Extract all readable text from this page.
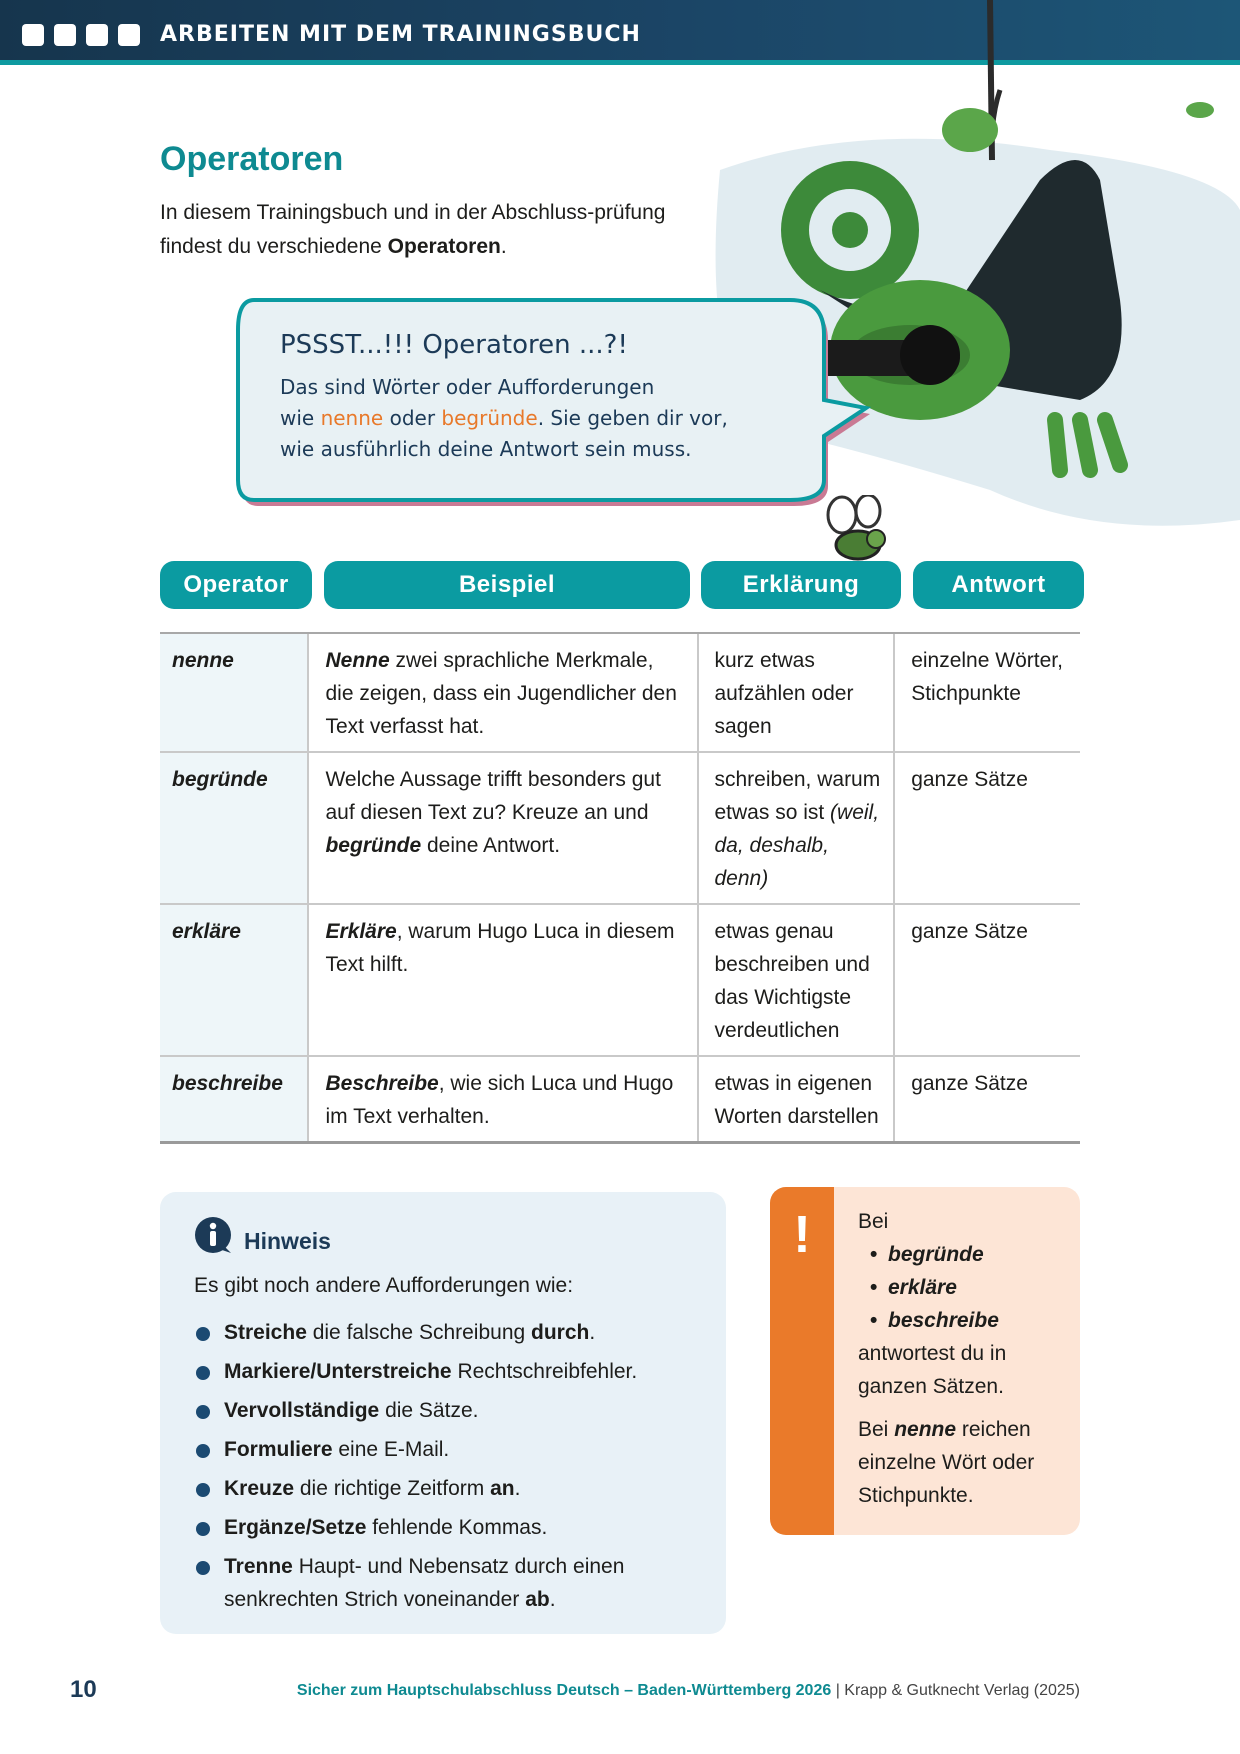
ARBEITEN MIT DEM TRAININGSBUCH
Operatoren
In diesem Trainingsbuch und in der Abschluss-prüfung findest du verschiedene Operatoren.
PSSST...!!! Operatoren ...?!
Das sind Wörter oder Aufforderungen
wie nenne oder begründe. Sie geben dir vor,
wie ausführlich deine Antwort sein muss.
Operator	Beispiel	Erklärung	Antwort
nenne	Nenne zwei sprachliche Merkmale, die zeigen, dass ein Jugendlicher den Text verfasst hat.	kurz etwas aufzählen oder sagen	einzelne Wörter, Stichpunkte
begründe	Welche Aussage trifft besonders gut auf diesen Text zu? Kreuze an und begründe deine Antwort.	schreiben, warum etwas so ist (weil, da, deshalb, denn)	ganze Sätze
erkläre	Erkläre, warum Hugo Luca in diesem Text hilft.	etwas genau beschreiben und das Wichtigste verdeutlichen	ganze Sätze
beschreibe	Beschreibe, wie sich Luca und Hugo im Text verhalten.	etwas in eigenen Worten darstellen	ganze Sätze
Hinweis
Es gibt noch andere Aufforderungen wie:
Streiche die falsche Schreibung durch.
Markiere/Unterstreiche Rechtschreibfehler.
Vervollständige die Sätze.
Formuliere eine E-Mail.
Kreuze die richtige Zeitform an.
Ergänze/Setze fehlende Kommas.
Trenne Haupt- und Nebensatz durch einen senkrechten Strich voneinander ab.
!	Bei

• begründe
• erkläre
• beschreibe

antwortest du in ganzen Sätzen.

Bei nenne reichen einzelne Wört oder Stichpunkte.

10	Sicher zum Hauptschulabschluss Deutsch – Baden-Württemberg 2026 | Krapp & Gutknecht Verlag (2025)
